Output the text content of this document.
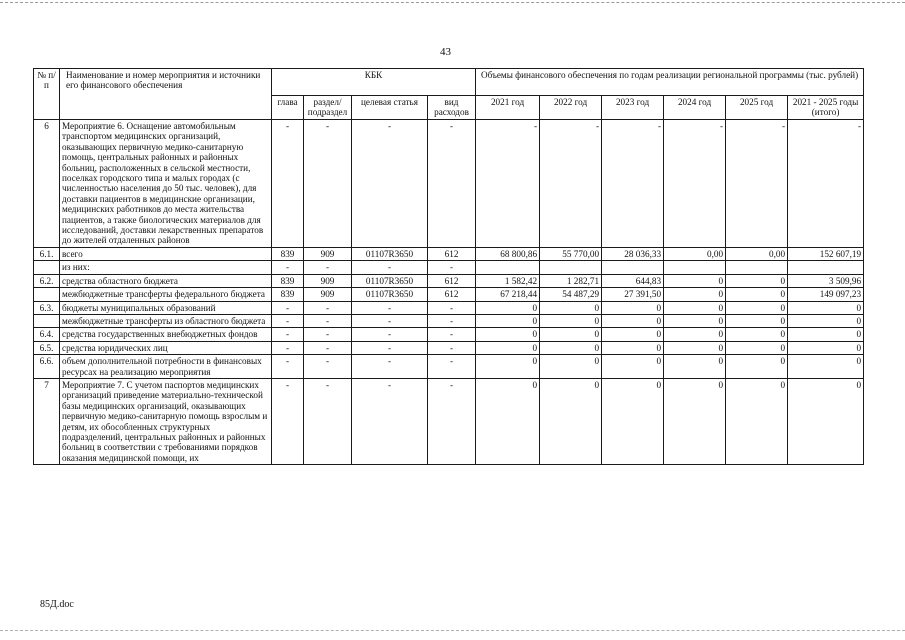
43
№ п/п	Наименование и номер мероприятия и источники его финансового обеспечения	КБК				Объемы финансового обеспечения по годам реализации региональной программы (тыс. рублей)					
		глава	раздел/ подраздел	целевая статья	вид расходов	2021 год	2022 год	2023 год	2024 год	2025 год	2021 - 2025 годы (итого)
6	Мероприятие 6. Оснащение автомобильным транспортом медицинских организаций, оказывающих первичную медико-санитарную помощь, центральных районных и районных больниц, расположенных в сельской местности, поселках городского типа и малых городах (с численностью населения до 50 тыс. человек), для доставки пациентов в медицинские организации, медицинских работников до места жительства пациентов, а также биологических материалов для исследований, доставки лекарственных препаратов до жителей отдаленных районов	-	-	-	-	-	-	-	-	-	-
6.1.	всего	839	909	01107R3650	612	68 800,86	55 770,00	28 036,33	0,00	0,00	152 607,19
	из них:	-	-	-	-						
6.2.	средства областного бюджета	839	909	01107R3650	612	1 582,42	1 282,71	644,83	0	0	3 509,96
	межбюджетные трансферты федерального бюджета	839	909	01107R3650	612	67 218,44	54 487,29	27 391,50	0	0	149 097,23
6.3.	бюджеты муниципальных образований	-	-	-	-	0	0	0	0	0	0
	межбюджетные трансферты из областного бюджета	-	-	-	-	0	0	0	0	0	0
6.4.	средства государственных внебюджетных фондов	-	-	-	-	0	0	0	0	0	0
6.5.	средства юридических лиц	-	-	-	-	0	0	0	0	0	0
6.6.	объем дополнительной потребности в финансовых ресурсах на реализацию мероприятия	-	-	-	-	0	0	0	0	0	0
7	Мероприятие 7. С учетом паспортов медицинских организаций приведение материально-технической базы медицинских организаций, оказывающих первичную медико-санитарную помощь взрослым и детям, их обособленных структурных подразделений, центральных районных и районных больниц в соответствии с требованиями порядков оказания медицинской помощи, их	-	-	-	-	0	0	0	0	0	0
85Д.doc
